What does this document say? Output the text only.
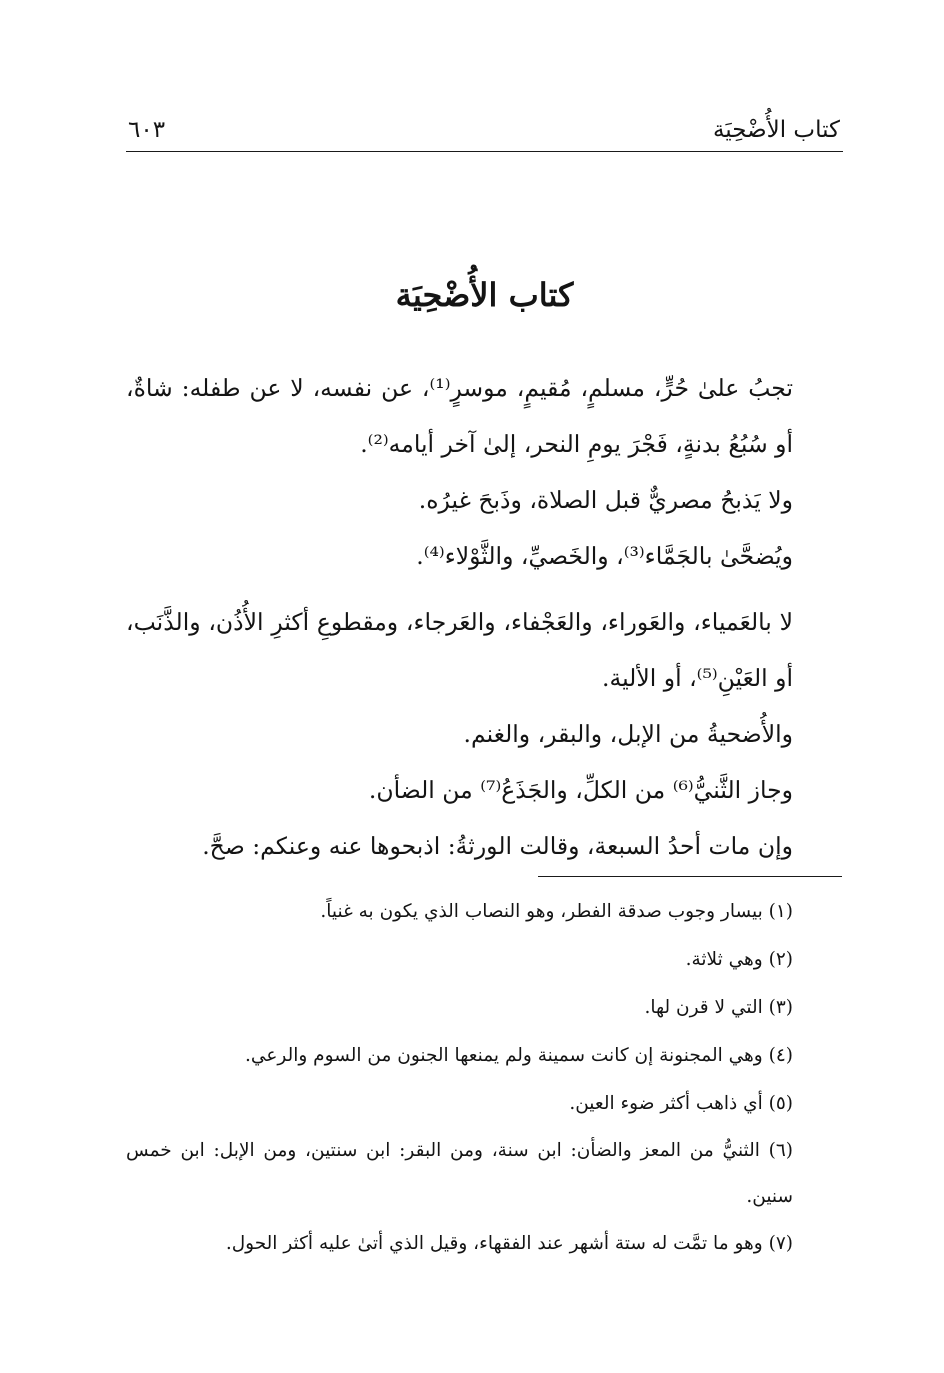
كتاب الأُضْحِيَة
٦٠٣
كتاب الأُضْحِيَة

تجبُ علىٰ حُرٍّ، مسلمٍ، مُقيمٍ، موسرٍ⁽¹⁾، عن نفسه، لا عن طفله: شاةٌ، أو سُبُعُ بدنةٍ، فَجْرَ يومِ النحر، إلىٰ آخر أيامه⁽²⁾.

ولا يَذبحُ مصريٌّ قبل الصلاة، وذَبحَ غيرُه.

ويُضحَّىٰ بالجَمَّاء⁽³⁾، والخَصيِّ، والثَّوْلاء⁽⁴⁾.

لا بالعَمياء، والعَوراء، والعَجْفاء، والعَرجاء، ومقطوعِ أكثرِ الأُذُن، والذَّنَب، أو العَيْنِ⁽⁵⁾، أو الألية.

والأُضحيةُ من الإبل، والبقر، والغنم.

وجاز الثَّنيُّ⁽⁶⁾ من الكلِّ، والجَذَعُ⁽⁷⁾ من الضأن.

وإن مات أحدُ السبعة، وقالت الورثةُ: اذبحوها عنه وعنكم: صحَّ.

(١) بيسار وجوب صدقة الفطر، وهو النصاب الذي يكون به غنياً.

(٢) وهي ثلاثة.

(٣) التي لا قرن لها.

(٤) وهي المجنونة إن كانت سمينة ولم يمنعها الجنون من السوم والرعي.

(٥) أي ذاهب أكثر ضوء العين.

(٦) الثنيُّ من المعز والضأن: ابن سنة، ومن البقر: ابن سنتين، ومن الإبل: ابن خمس سنين.

(٧) وهو ما تمَّت له ستة أشهر عند الفقهاء، وقيل الذي أتىٰ عليه أكثر الحول.
